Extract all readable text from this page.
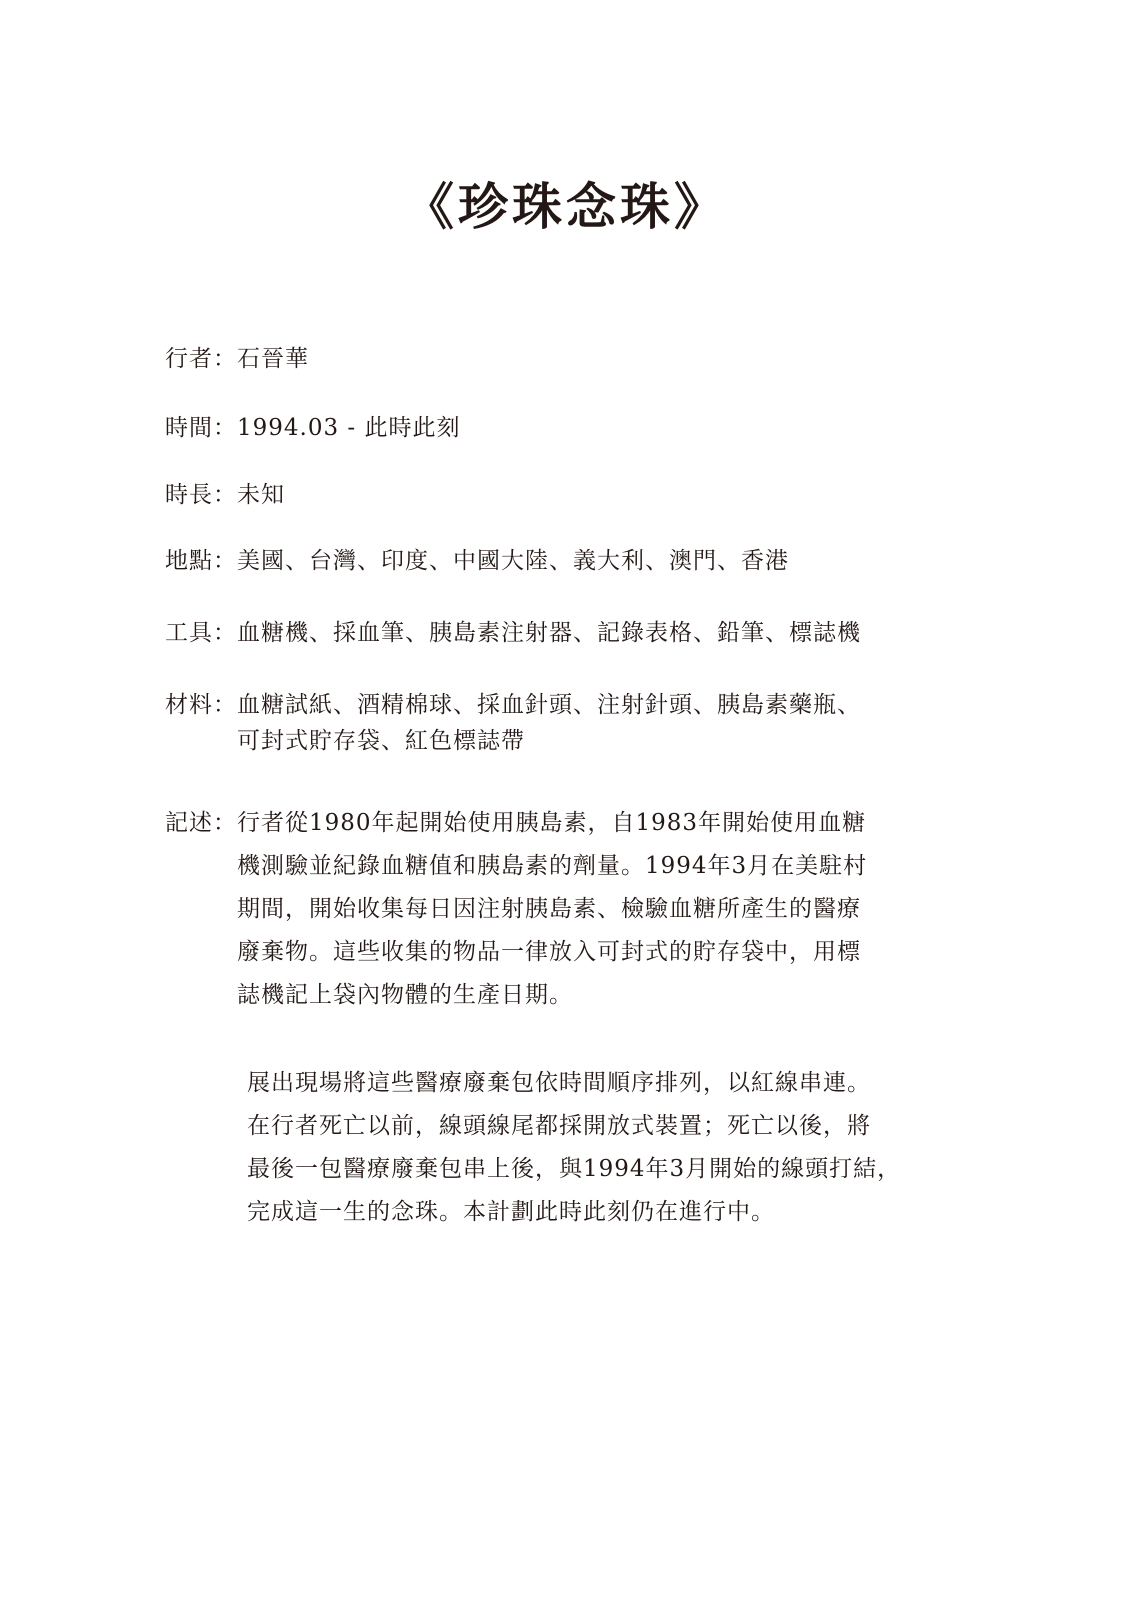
《珍珠念珠》
行者： 石晉華
時間： 1994.03 - 此時此刻
時長： 未知
地點： 美國、台灣、印度、中國大陸、義大利、澳門、香港
工具： 血糖機、採血筆、胰島素注射器、記錄表格、鉛筆、標誌機
材料： 血糖試紙、酒精棉球、採血針頭、注射針頭、胰島素藥瓶、
可封式貯存袋、紅色標誌帶
記述： 行者從1980年起開始使用胰島素，自1983年開始使用血糖
機測驗並紀錄血糖值和胰島素的劑量。1994年3月在美駐村
期間，開始收集每日因注射胰島素、檢驗血糖所產生的醫療
廢棄物。這些收集的物品一律放入可封式的貯存袋中，用標
誌機記上袋內物體的生產日期。
展出現場將這些醫療廢棄包依時間順序排列，以紅線串連。
在行者死亡以前，線頭線尾都採開放式裝置；死亡以後，將
最後一包醫療廢棄包串上後，與1994年3月開始的線頭打結，
完成這一生的念珠。本計劃此時此刻仍在進行中。
